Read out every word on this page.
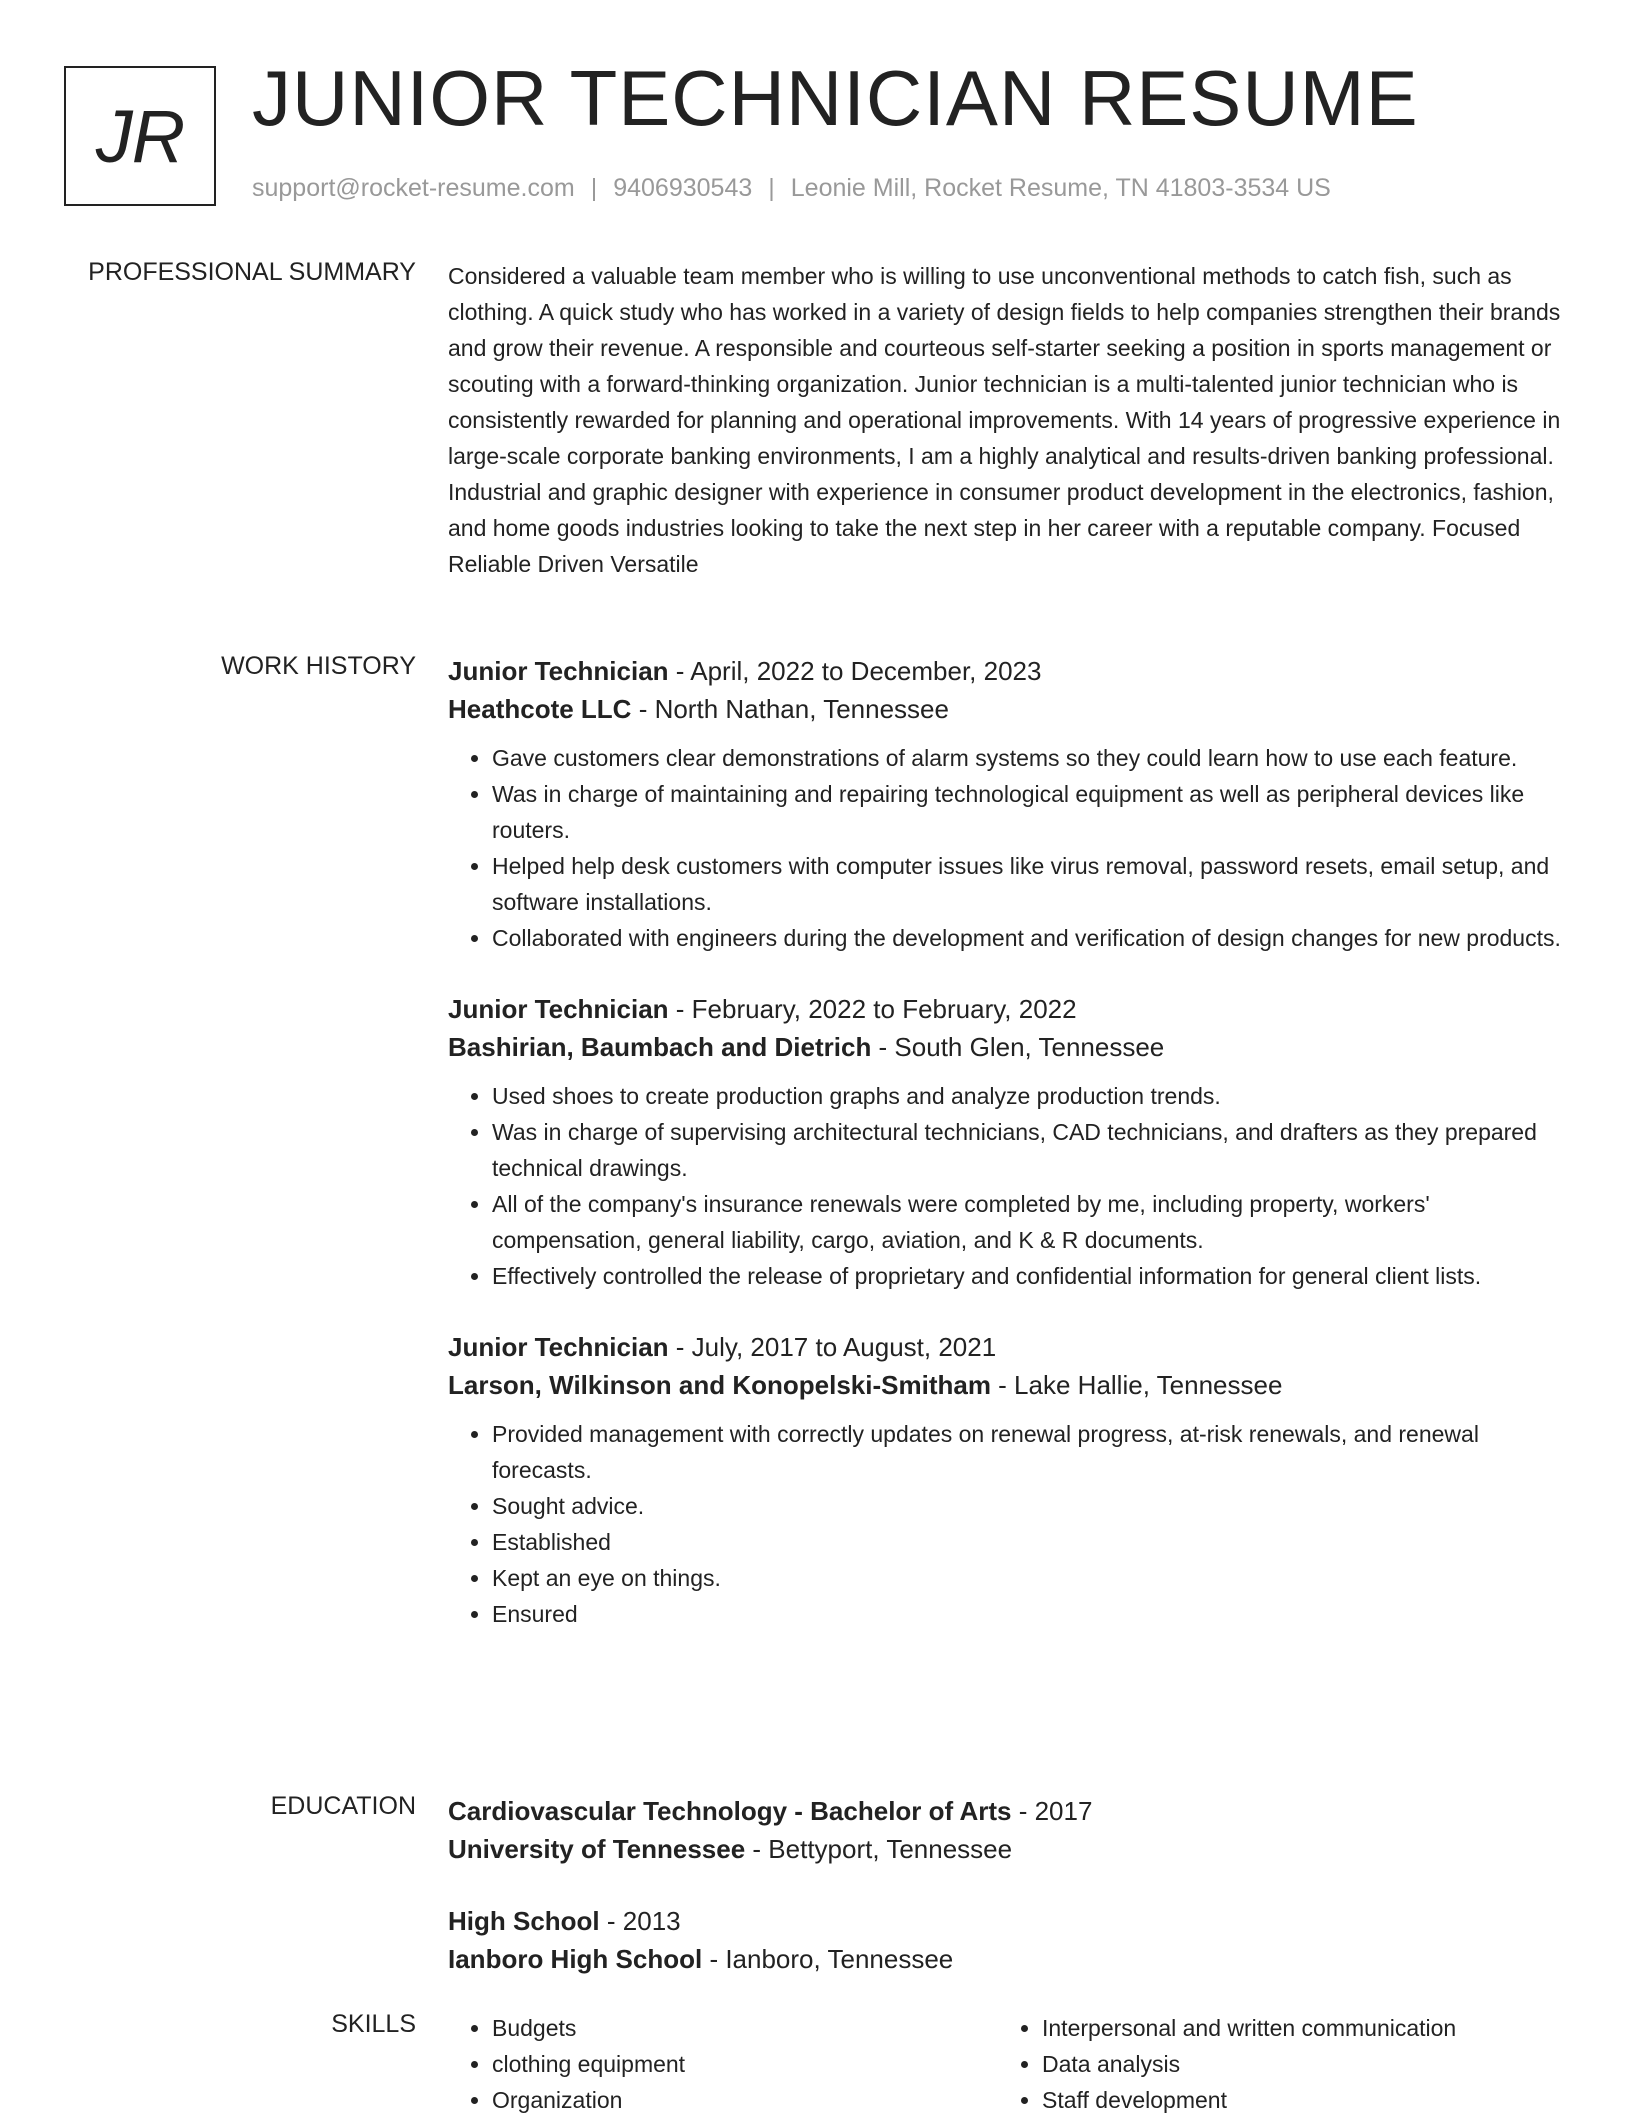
JR JUNIOR TECHNICIAN RESUME
support@rocket-resume.com | 9406930543 | Leonie Mill, Rocket Resume, TN 41803-3534 US
PROFESSIONAL SUMMARY Considered a valuable team member who is willing to use unconventional methods to catch fish, such as clothing. A quick study who has worked in a variety of design fields to help companies strengthen their brands and grow their revenue. A responsible and courteous self-starter seeking a position in sports management or scouting with a forward-thinking organization. Junior technician is a multi-talented junior technician who is consistently rewarded for planning and operational improvements. With 14 years of progressive experience in large-scale corporate banking environments, I am a highly analytical and results-driven banking professional. Industrial and graphic designer with experience in consumer product development in the electronics, fashion, and home goods industries looking to take the next step in her career with a reputable company. Focused Reliable Driven Versatile

WORK HISTORY Junior Technician - April, 2022 to December, 2023
Heathcote LLC - North Nathan, Tennessee
• Gave customers clear demonstrations of alarm systems so they could learn how to use each feature.
• Was in charge of maintaining and repairing technological equipment as well as peripheral devices like routers.
• Helped help desk customers with computer issues like virus removal, password resets, email setup, and software installations.
• Collaborated with engineers during the development and verification of design changes for new products.
Junior Technician - February, 2022 to February, 2022
Bashirian, Baumbach and Dietrich - South Glen, Tennessee
• Used shoes to create production graphs and analyze production trends.
• Was in charge of supervising architectural technicians, CAD technicians, and drafters as they prepared technical drawings.
• All of the company's insurance renewals were completed by me, including property, workers' compensation, general liability, cargo, aviation, and K & R documents.
• Effectively controlled the release of proprietary and confidential information for general client lists.
Junior Technician - July, 2017 to August, 2021
Larson, Wilkinson and Konopelski-Smitham - Lake Hallie, Tennessee
• Provided management with correctly updates on renewal progress, at-risk renewals, and renewal forecasts.
• Sought advice.
• Established
• Kept an eye on things.
• Ensured
EDUCATION Cardiovascular Technology - Bachelor of Arts - 2017
University of Tennessee - Bettyport, Tennessee
High School - 2013
Ianboro High School - Ianboro, Tennessee
SKILLS
•	Budgets
• clothing equipment
• Organization
• Interpersonal and written communication
• Data analysis
• Staff development
